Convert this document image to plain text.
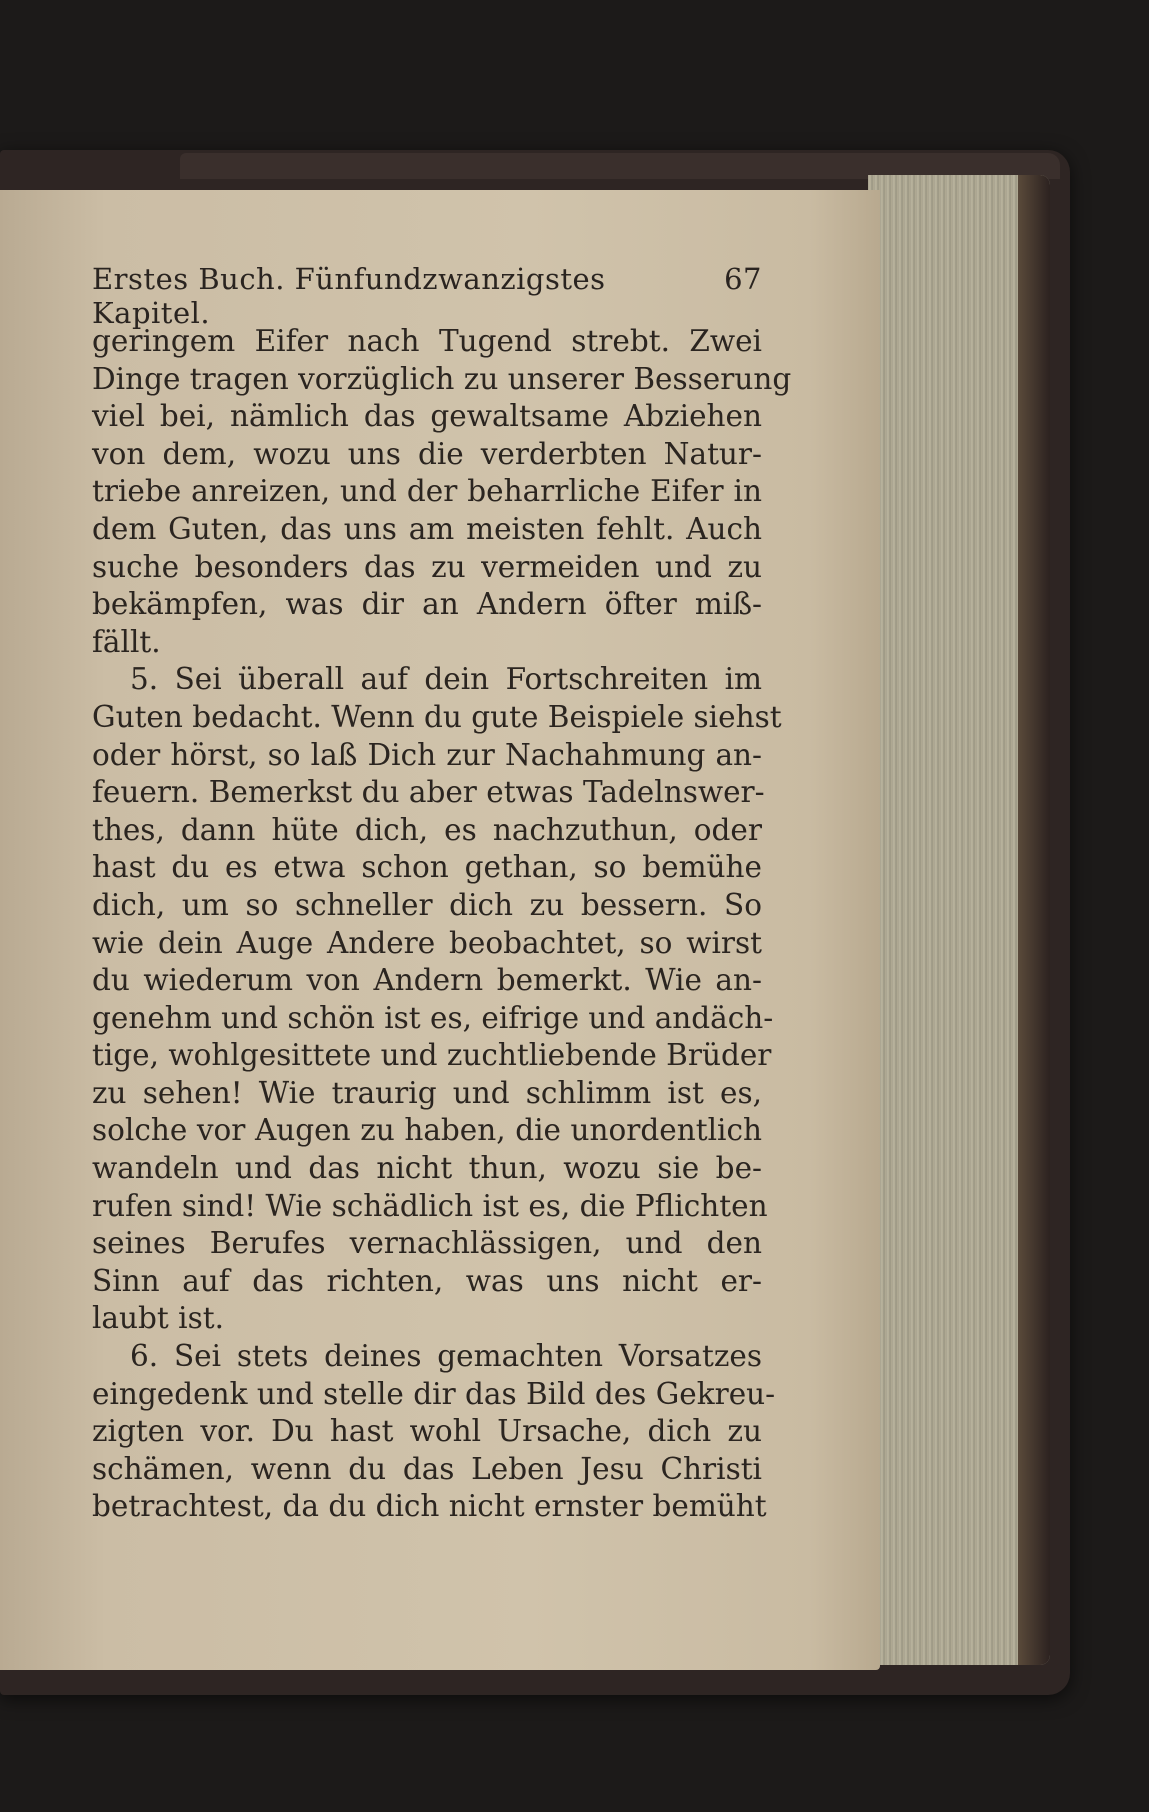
Erstes Buch. Fünfundzwanzigstes Kapitel.
67
geringem Eifer nach Tugend strebt. Zwei
Dinge tragen vorzüglich zu unserer Besserung
viel bei, nämlich das gewaltsame Abziehen
von dem, wozu uns die verderbten Natur-
triebe anreizen, und der beharrliche Eifer in
dem Guten, das uns am meisten fehlt. Auch
suche besonders das zu vermeiden und zu
bekämpfen, was dir an Andern öfter miß-
fällt.
5. Sei überall auf dein Fortschreiten im
Guten bedacht. Wenn du gute Beispiele siehst
oder hörst, so laß Dich zur Nachahmung an-
feuern. Bemerkst du aber etwas Tadelnswer-
thes, dann hüte dich, es nachzuthun, oder
hast du es etwa schon gethan, so bemühe
dich, um so schneller dich zu bessern. So
wie dein Auge Andere beobachtet, so wirst
du wiederum von Andern bemerkt. Wie an-
genehm und schön ist es, eifrige und andäch-
tige, wohlgesittete und zuchtliebende Brüder
zu sehen! Wie traurig und schlimm ist es,
solche vor Augen zu haben, die unordentlich
wandeln und das nicht thun, wozu sie be-
rufen sind! Wie schädlich ist es, die Pflichten
seines Berufes vernachlässigen, und den
Sinn auf das richten, was uns nicht er-
laubt ist.
6. Sei stets deines gemachten Vorsatzes
eingedenk und stelle dir das Bild des Gekreu-
zigten vor. Du hast wohl Ursache, dich zu
schämen, wenn du das Leben Jesu Christi
betrachtest, da du dich nicht ernster bemüht
